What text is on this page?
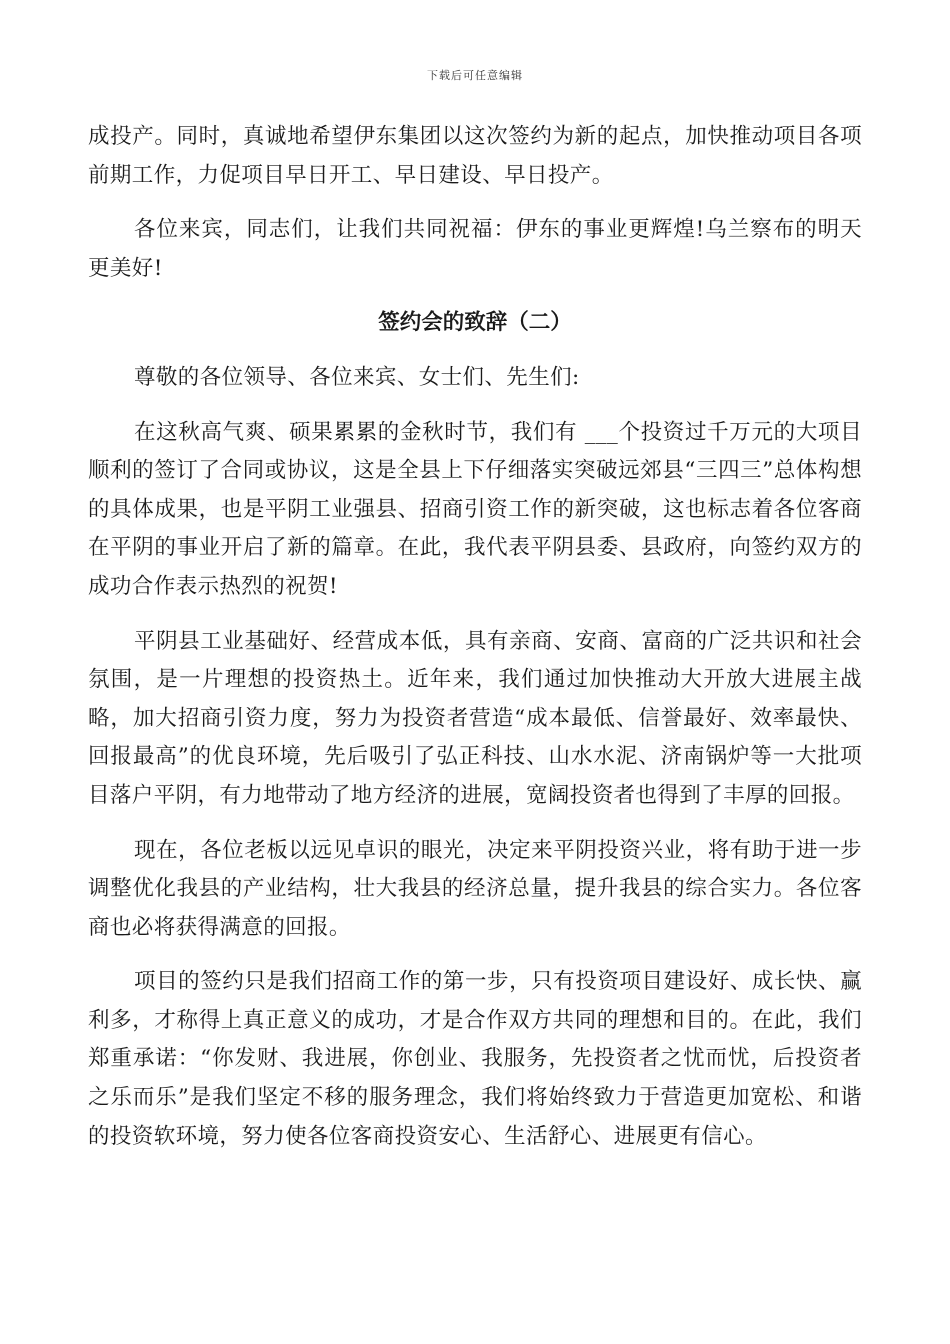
下载后可任意编辑

成投产。同时，真诚地希望伊东集团以这次签约为新的起点，加快推动项目各项前期工作，力促项目早日开工、早日建设、早日投产。

各位来宾，同志们，让我们共同祝福：伊东的事业更辉煌!乌兰察布的明天更美好!

签约会的致辞（二）

尊敬的各位领导、各位来宾、女士们、先生们:

在这秋高气爽、硕果累累的金秋时节，我们有 ___个投资过千万元的大项目顺利的签订了合同或协议，这是全县上下仔细落实突破远郊县“三四三”总体构想的具体成果，也是平阴工业强县、招商引资工作的新突破，这也标志着各位客商在平阴的事业开启了新的篇章。在此，我代表平阴县委、县政府，向签约双方的成功合作表示热烈的祝贺!

平阴县工业基础好、经营成本低，具有亲商、安商、富商的广泛共识和社会氛围，是一片理想的投资热土。近年来，我们通过加快推动大开放大进展主战略，加大招商引资力度，努力为投资者营造“成本最低、信誉最好、效率最快、回报最高”的优良环境，先后吸引了弘正科技、山水水泥、济南锅炉等一大批项目落户平阴，有力地带动了地方经济的进展，宽阔投资者也得到了丰厚的回报。

现在，各位老板以远见卓识的眼光，决定来平阴投资兴业，将有助于进一步调整优化我县的产业结构，壮大我县的经济总量，提升我县的综合实力。各位客商也必将获得满意的回报。

项目的签约只是我们招商工作的第一步，只有投资项目建设好、成长快、赢利多，才称得上真正意义的成功，才是合作双方共同的理想和目的。在此，我们郑重承诺：“你发财、我进展，你创业、我服务，先投资者之忧而忧，后投资者之乐而乐”是我们坚定不移的服务理念，我们将始终致力于营造更加宽松、和谐的投资软环境，努力使各位客商投资安心、生活舒心、进展更有信心。
